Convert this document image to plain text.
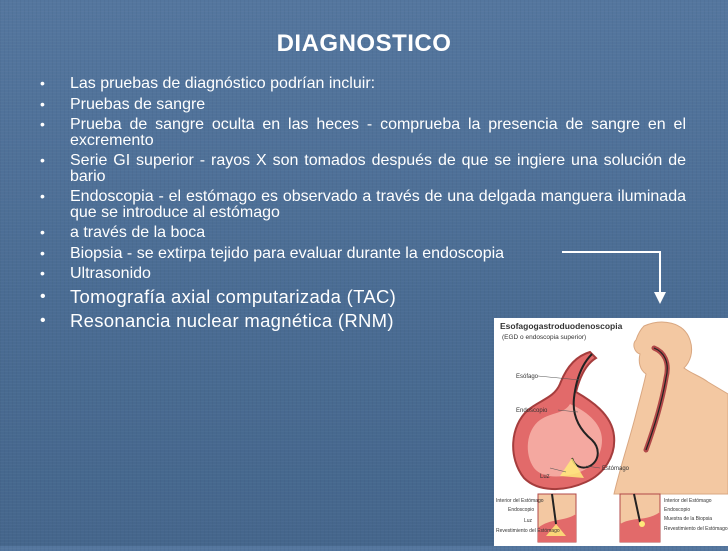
DIAGNOSTICO
•	Las pruebas de diagnóstico podrían incluir:
•	Pruebas de sangre
•	Prueba de sangre oculta en las heces - comprueba la presencia de sangre en el excremento
•	Serie GI superior - rayos X son tomados después de que se ingiere una solución de bario
•	Endoscopia - el estómago es observado a través de una delgada manguera iluminada que se introduce al estómago
•	a través de la boca
•	Biopsia - se extirpa tejido para evaluar durante la endoscopia
•	Ultrasonido
•	Tomografía axial computarizada (TAC)
•	Resonancia nuclear magnética (RNM)	Esofagogastroduodenoscopia
(EGD o endoscopia superior)
Esófago
Endoscopio
Estómago
Luz
Interior del Estómago
Endoscopio
Luz
Revestimiento del Estómago
Interior del Estómago
Endoscopio
Muestra de la Biopsia
Revestimiento del Estómago
